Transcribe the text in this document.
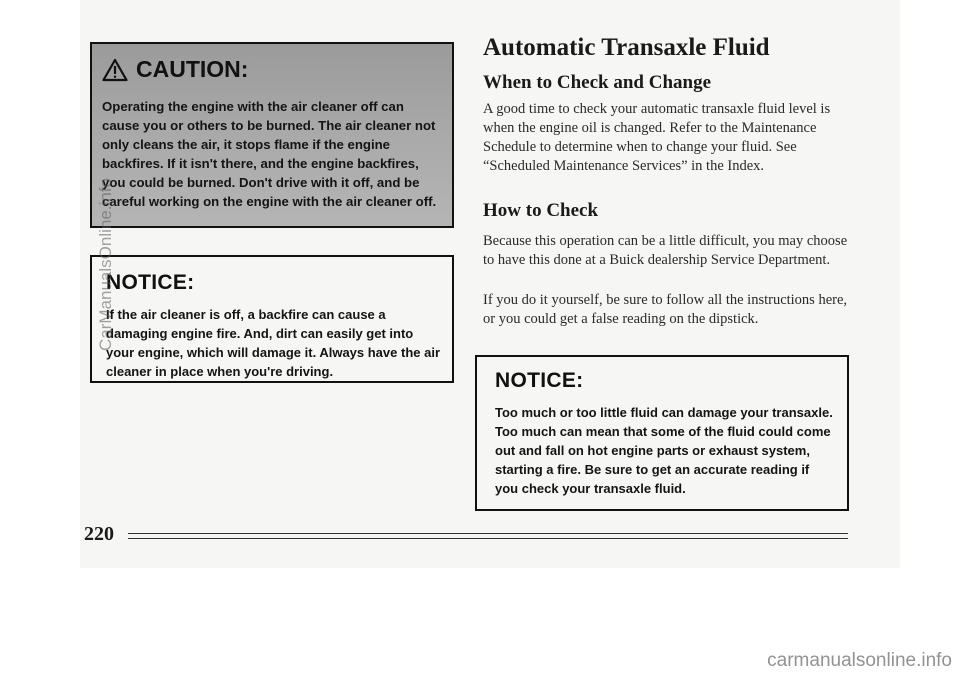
CAUTION:
Operating the engine with the air cleaner off can cause you or others to be burned. The air cleaner not only cleans the air, it stops flame if the engine backfires. If it isn't there, and the engine backfires, you could be burned. Don't drive with it off, and be careful working on the engine with the air cleaner off.
NOTICE:
If the air cleaner is off, a backfire can cause a damaging engine fire. And, dirt can easily get into your engine, which will damage it. Always have the air cleaner in place when you're driving.
CarManualsOnline.info
Automatic Transaxle Fluid
When to Check and Change

A good time to check your automatic transaxle fluid level is when the engine oil is changed. Refer to the Maintenance Schedule to determine when to change your fluid. See “Scheduled Maintenance Services” in the Index.

How to Check

Because this operation can be a little difficult, you may choose to have this done at a Buick dealership Service Department.

If you do it yourself, be sure to follow all the instructions here, or you could get a false reading on the dipstick.

NOTICE:
Too much or too little fluid can damage your transaxle. Too much can mean that some of the fluid could come out and fall on hot engine parts or exhaust system, starting a fire. Be sure to get an accurate reading if you check your transaxle fluid.
220
carmanualsonline.info
